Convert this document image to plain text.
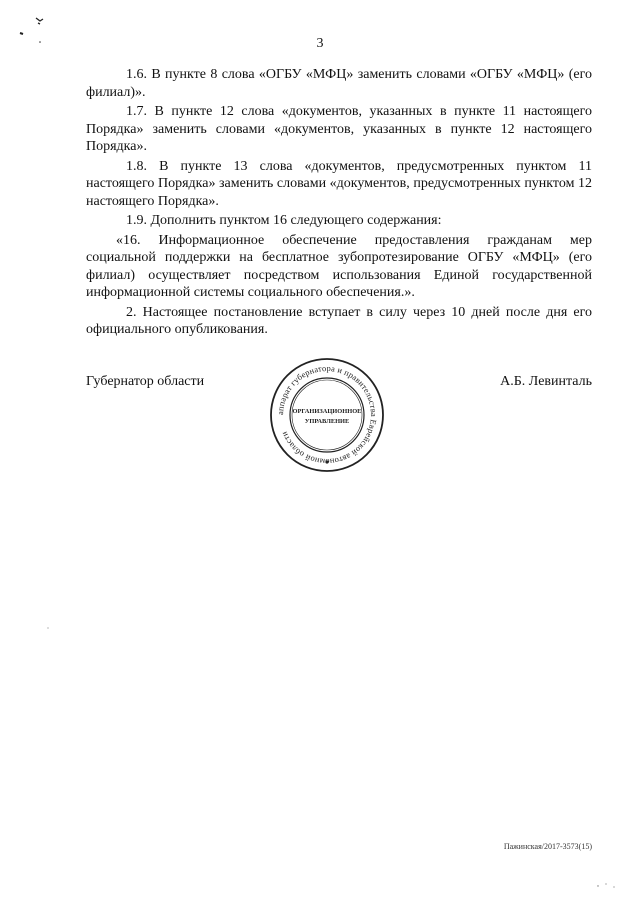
3

1.6. В пункте 8 слова «ОГБУ «МФЦ» заменить словами «ОГБУ «МФЦ» (его филиал)».

1.7. В пункте 12 слова «документов, указанных в пункте 11 настоящего Порядка» заменить словами «документов, указанных в пункте 12 настоящего Порядка».

1.8. В пункте 13 слова «документов, предусмотренных пунктом 11 настоящего Порядка» заменить словами «документов, предусмотренных пунктом 12 настоящего Порядка».

1.9. Дополнить пунктом 16 следующего содержания:

«16. Информационное обеспечение предоставления гражданам мер социальной поддержки на бесплатное зубопротезирование ОГБУ «МФЦ» (его филиал) осуществляет посредством использования Единой государственной информационной системы социального обеспечения.».

2. Настоящее постановление вступает в силу через 10 дней после дня его официального опубликования.

Губернатор области	А.Б. Левинталь
аппарат губернатора и правительства Еврейской автон мной области
ОРГАНИЗАЦИОННОЕ
УПРАВЛЕНИЕ
Пажинская/2017-3573(15)
